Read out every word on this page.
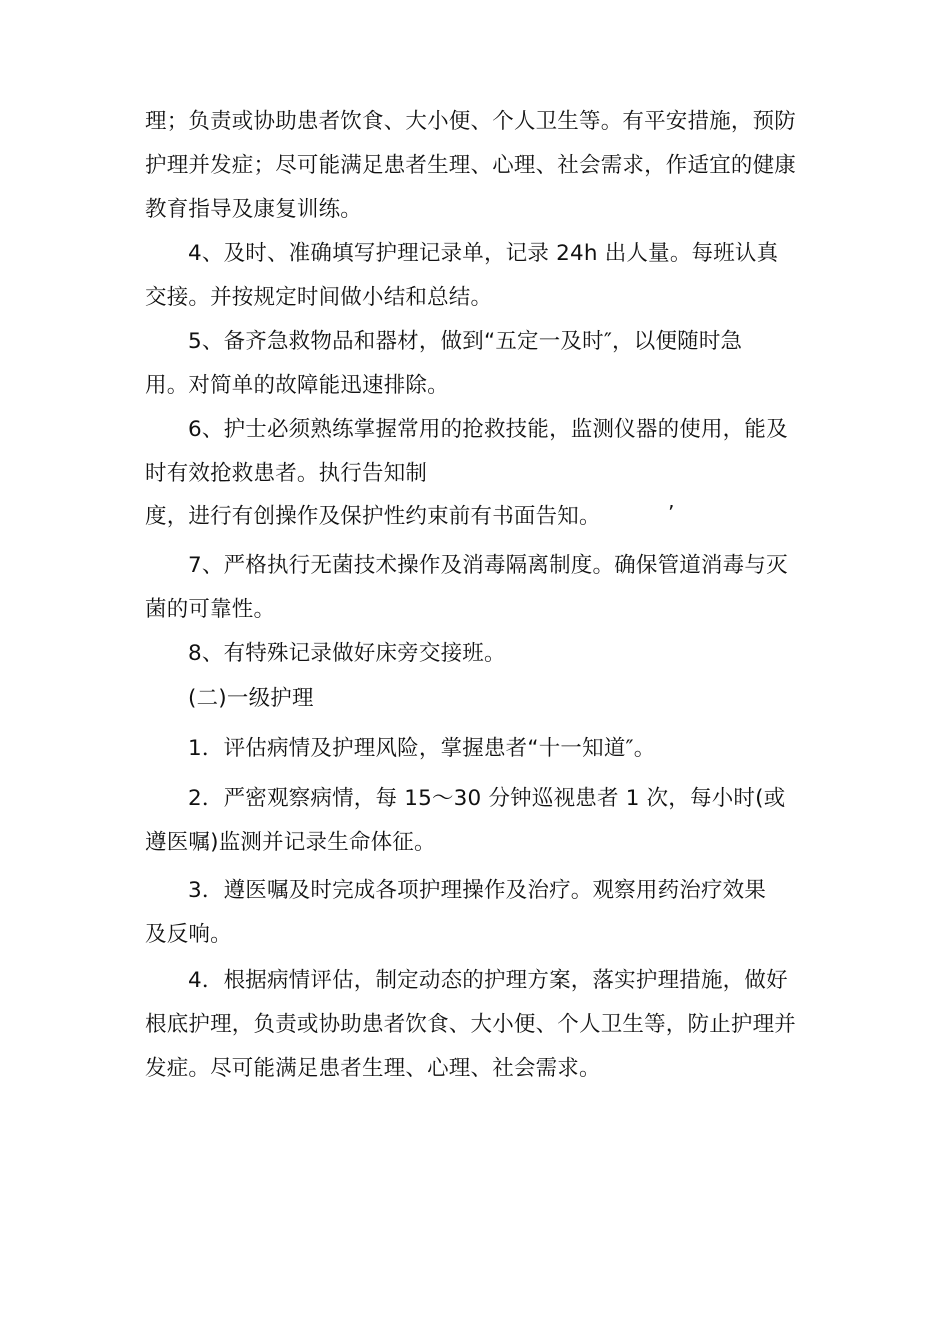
理；负责或协助患者饮食、大小便、个人卫生等。有平安措施，预防
护理并发症；尽可能满足患者生理、心理、社会需求，作适宜的健康
教育指导及康复训练。
4、及时、准确填写护理记录单，记录 24h 出人量。每班认真
交接。并按规定时间做小结和总结。
5、备齐急救物品和器材，做到“五定一及时″，以便随时急
用。对简单的故障能迅速排除。
6、护士必须熟练掌握常用的抢救技能，监测仪器的使用，能及
时有效抢救患者。执行告知制
度，进行有创操作及保护性约束前有书面告知。	’
7、严格执行无菌技术操作及消毒隔离制度。确保管道消毒与灭
菌的可靠性。
8、有特殊记录做好床旁交接班。
(二)一级护理
1．评估病情及护理风险，掌握患者“十一知道″。
2．严密观察病情，每 15～30 分钟巡视患者 1 次，每小时(或
遵医嘱)监测并记录生命体征。
3．遵医嘱及时完成各项护理操作及治疗。观察用药治疗效果
及反响。
4．根据病情评估，制定动态的护理方案，落实护理措施，做好
根底护理，负责或协助患者饮食、大小便、个人卫生等，防止护理并
发症。尽可能满足患者生理、心理、社会需求。
